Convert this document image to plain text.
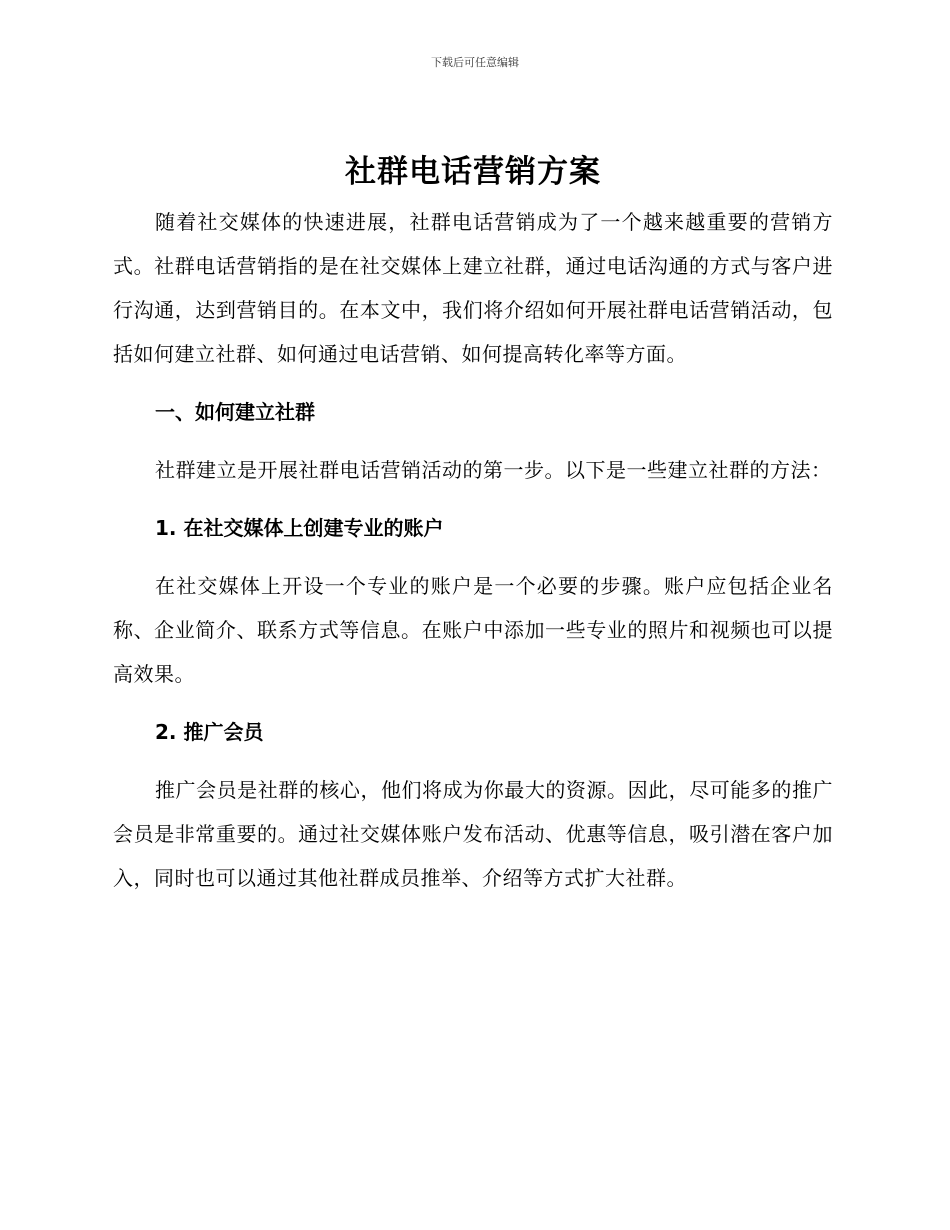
下载后可任意编辑
社群电话营销方案

随着社交媒体的快速进展，社群电话营销成为了一个越来越重要的营销方式。社群电话营销指的是在社交媒体上建立社群，通过电话沟通的方式与客户进行沟通，达到营销目的。在本文中，我们将介绍如何开展社群电话营销活动，包括如何建立社群、如何通过电话营销、如何提高转化率等方面。

一、如何建立社群

社群建立是开展社群电话营销活动的第一步。以下是一些建立社群的方法：

1. 在社交媒体上创建专业的账户

在社交媒体上开设一个专业的账户是一个必要的步骤。账户应包括企业名称、企业简介、联系方式等信息。在账户中添加一些专业的照片和视频也可以提高效果。

2. 推广会员

推广会员是社群的核心，他们将成为你最大的资源。因此，尽可能多的推广会员是非常重要的。通过社交媒体账户发布活动、优惠等信息，吸引潜在客户加入，同时也可以通过其他社群成员推举、介绍等方式扩大社群。
